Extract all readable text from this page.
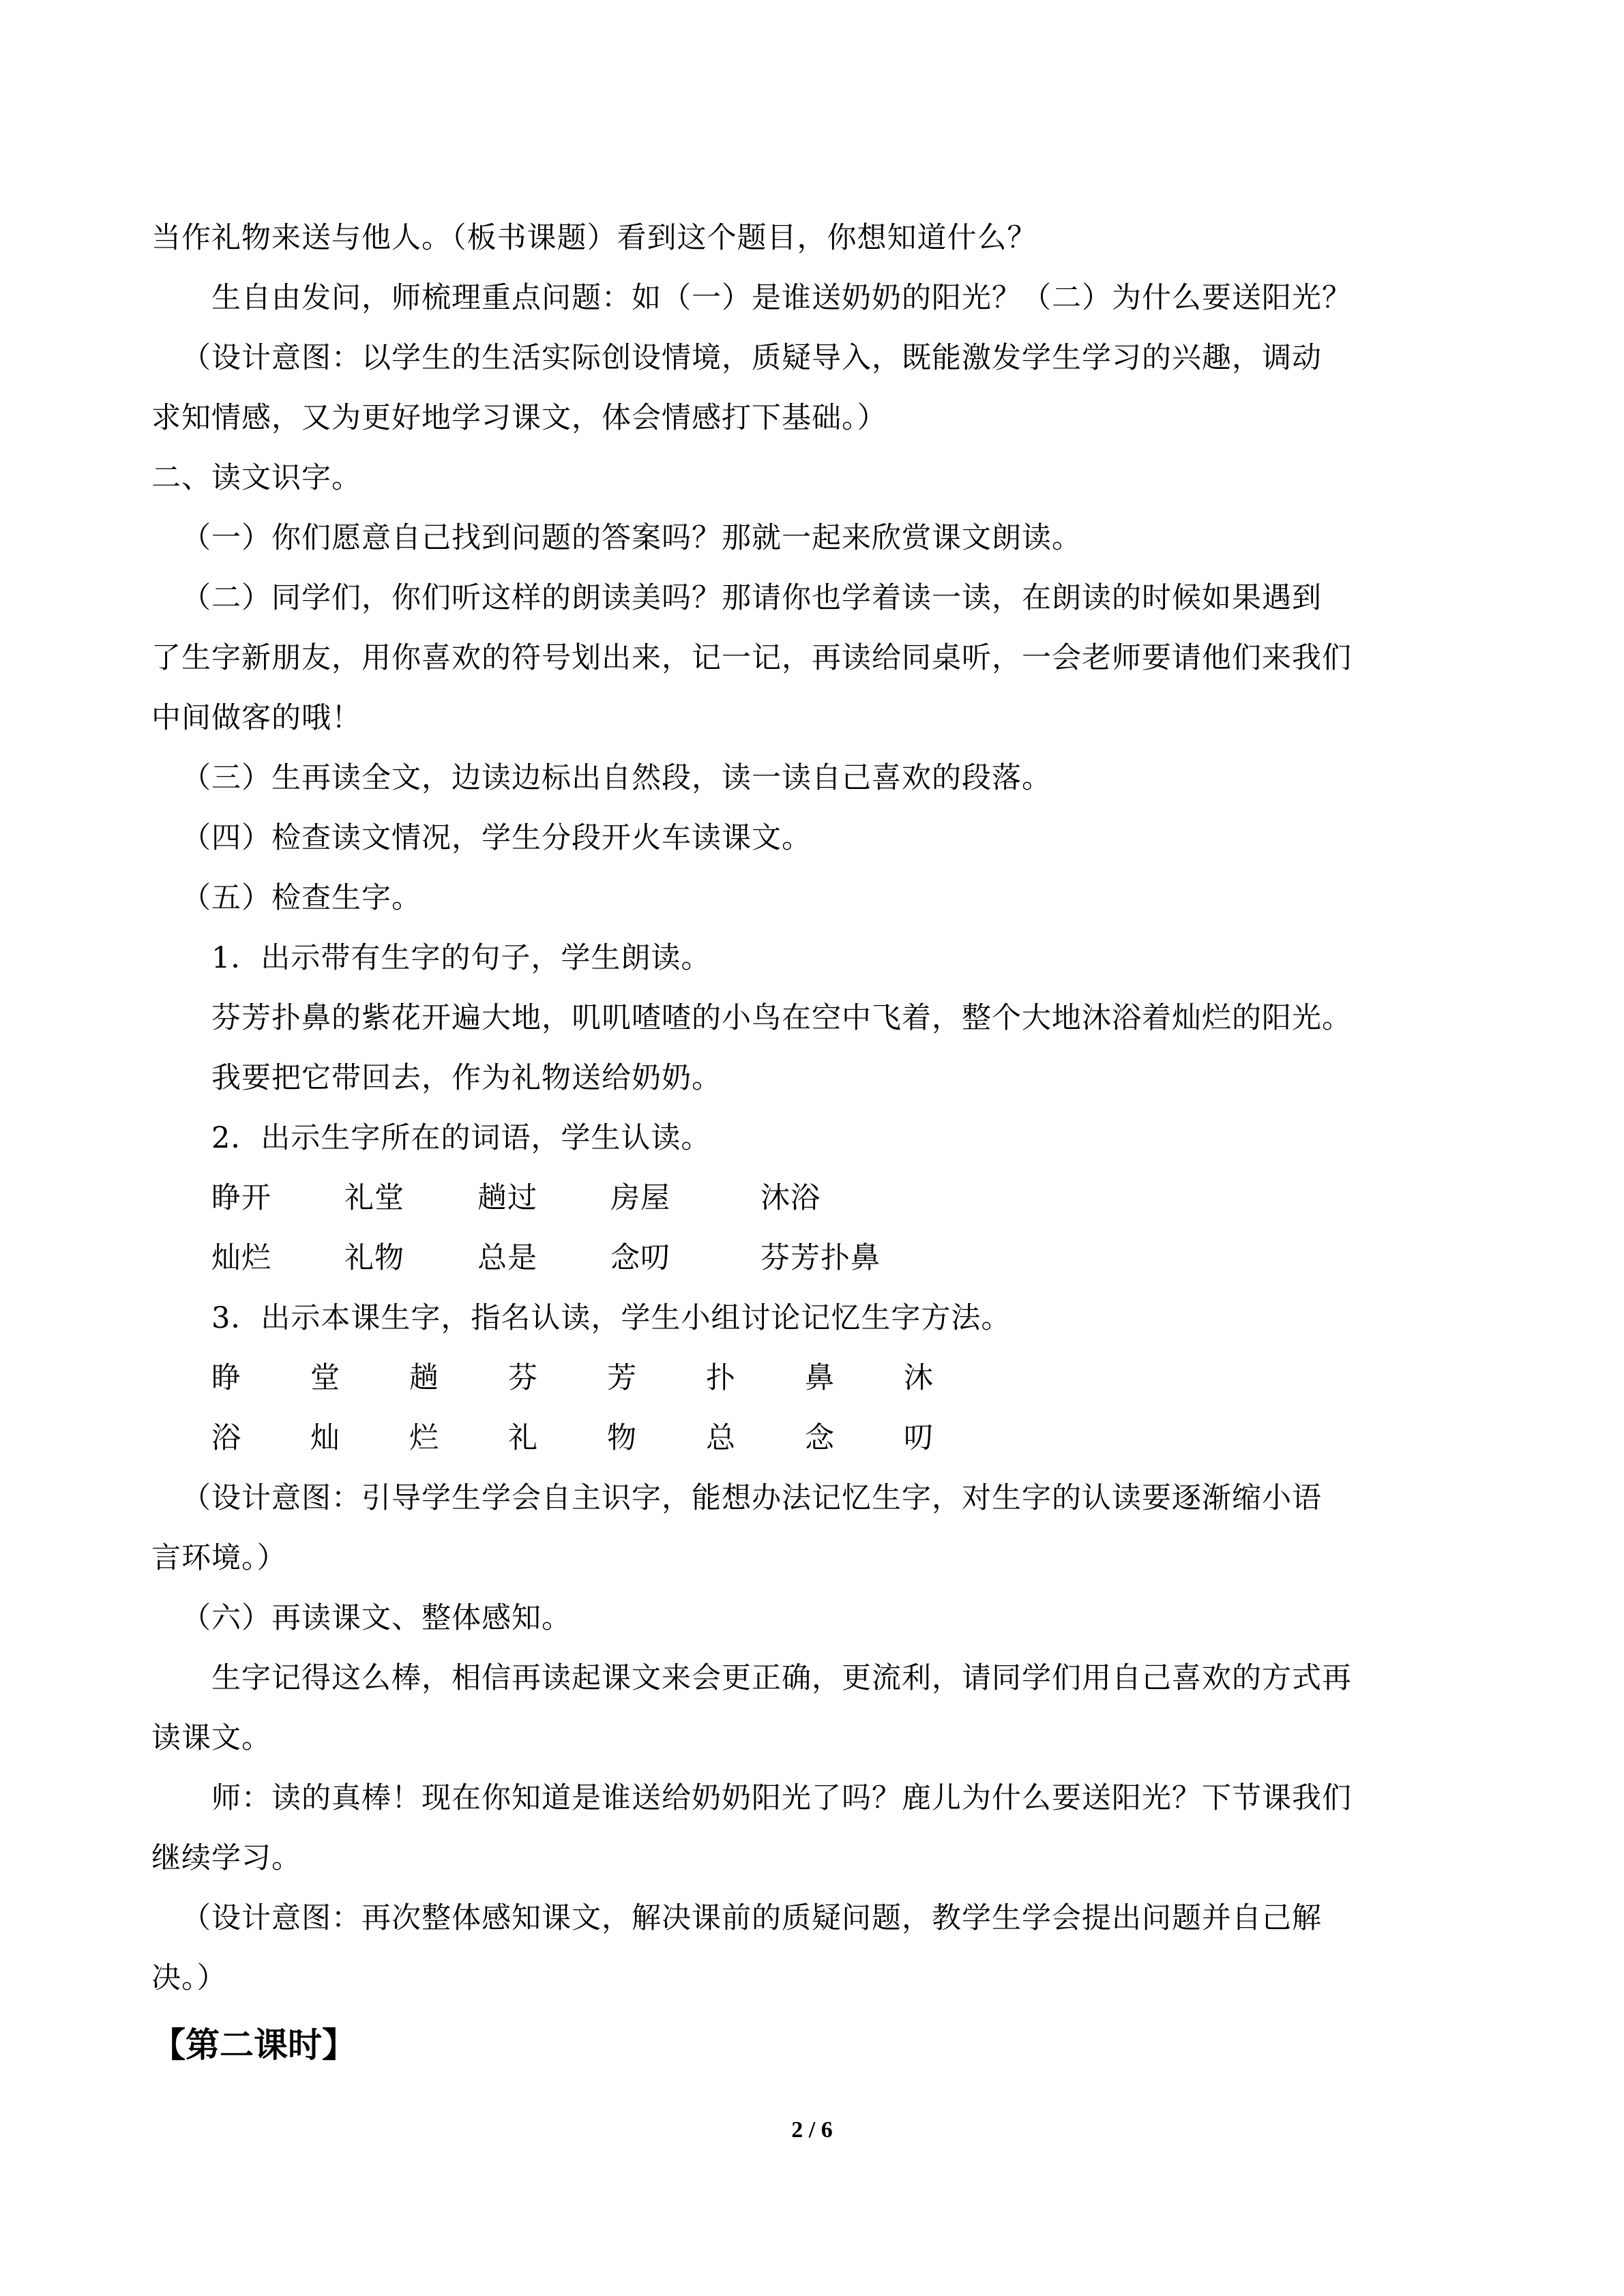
当作礼物来送与他人。（板书课题）看到这个题目，你想知道什么？
生自由发问，师梳理重点问题：如（一）是谁送奶奶的阳光？（二）为什么要送阳光？
（设计意图：以学生的生活实际创设情境，质疑导入，既能激发学生学习的兴趣，调动
求知情感，又为更好地学习课文，体会情感打下基础。）
二、读文识字。
（一）你们愿意自己找到问题的答案吗？那就一起来欣赏课文朗读。
（二）同学们，你们听这样的朗读美吗？那请你也学着读一读，在朗读的时候如果遇到
了生字新朋友，用你喜欢的符号划出来，记一记，再读给同桌听，一会老师要请他们来我们
中间做客的哦！
（三）生再读全文，边读边标出自然段，读一读自己喜欢的段落。
（四）检查读文情况，学生分段开火车读课文。
（五）检查生字。
1．出示带有生字的句子，学生朗读。
芬芳扑鼻的紫花开遍大地，叽叽喳喳的小鸟在空中飞着，整个大地沐浴着灿烂的阳光。
我要把它带回去，作为礼物送给奶奶。
2．出示生字所在的词语，学生认读。
睁开	礼堂	趟过	房屋	沐浴
灿烂	礼物	总是	念叨	芬芳扑鼻
3．出示本课生字，指名认读，学生小组讨论记忆生字方法。
睁	堂	趟	芬	芳	扑	鼻	沐
浴	灿	烂	礼	物	总	念	叨
（设计意图：引导学生学会自主识字，能想办法记忆生字，对生字的认读要逐渐缩小语
言环境。）
（六）再读课文、整体感知。
生字记得这么棒，相信再读起课文来会更正确，更流利，请同学们用自己喜欢的方式再
读课文。
师：读的真棒！现在你知道是谁送给奶奶阳光了吗？鹿儿为什么要送阳光？下节课我们
继续学习。
（设计意图：再次整体感知课文，解决课前的质疑问题，教学生学会提出问题并自己解
决。）
【第二课时】
2 / 6
